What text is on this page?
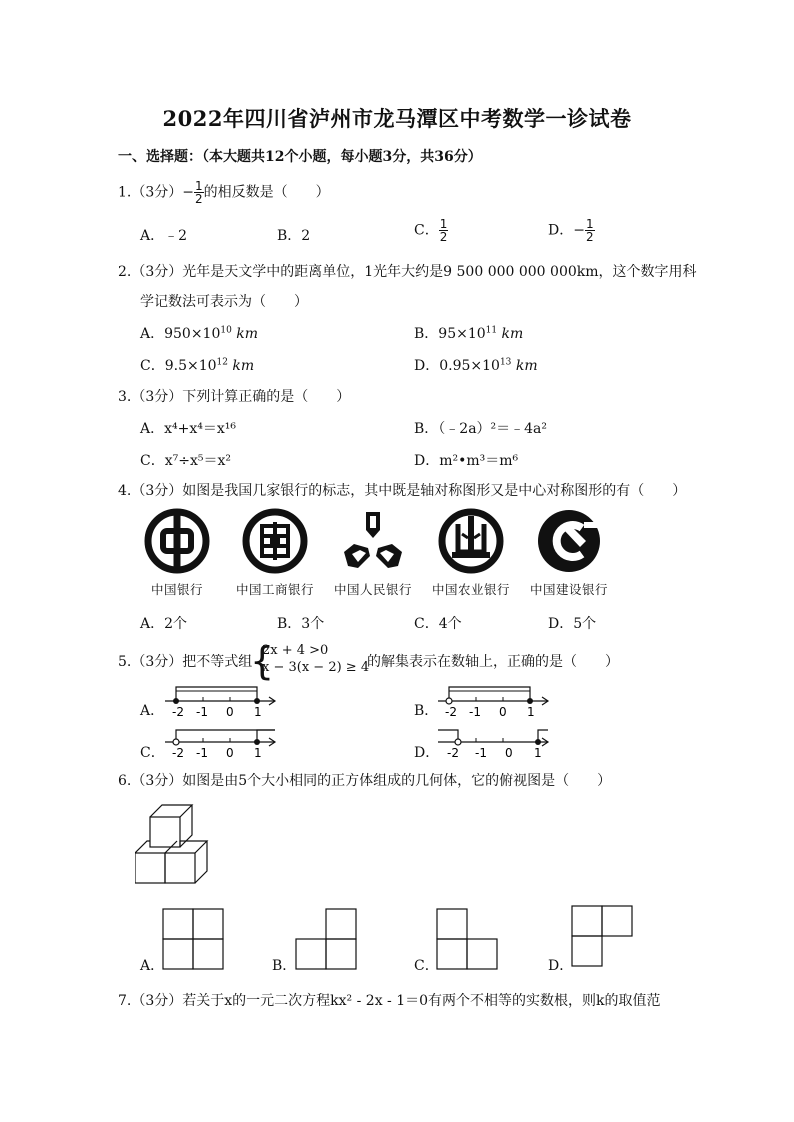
2022年四川省泸州市龙马潭区中考数学一诊试卷
一、选择题：（本大题共12个小题，每小题3分，共36分）
1.（3分）− $\frac{1}{2}$ 的相反数是（　　）
A．﹣2	B．2	C． $\frac{1}{2}$	D．− $\frac{1}{2}$
2.（3分）光年是天文学中的距离单位，1光年大约是9 500 000 000 000km，这个数字用科
学记数法可表示为（　　）
A．$950\times 10^{10}$ km	B．$95\times 10^{11}$ km
C．$9.5\times 10^{12}$ km	D．$0.95\times 10^{13}$ km
3.（3分）下列计算正确的是（　　）
A．x⁴+x⁴＝x¹⁶	B．（﹣2a）²＝﹣4a²
C．x⁷÷x⁵＝x²	D．m²•m³＝m⁶
4.（3分）如图是我国几家银行的标志，其中既是轴对称图形又是中心对称图形的有（　　）
中国银行	中国工商银行	中国人民银行	中国农业银行	中国建设银行
A．2个	B．3个	C．4个	D．5个
5.（3分）把不等式组
{
2x + 4 >0
x − 3(x − 2) ≥ 4
的解集表示在数轴上，正确的是（　　）
A． -2 -1 0 1	B． -2 -1 0 1
C． -2 -1 0 1	D． -2 -1 0 1
6.（3分）如图是由5个大小相同的正方体组成的几何体，它的俯视图是（　　）
A．	B．	C．	D．
7.（3分）若关于x的一元二次方程kx² - 2x - 1＝0有两个不相等的实数根，则k的取值范
